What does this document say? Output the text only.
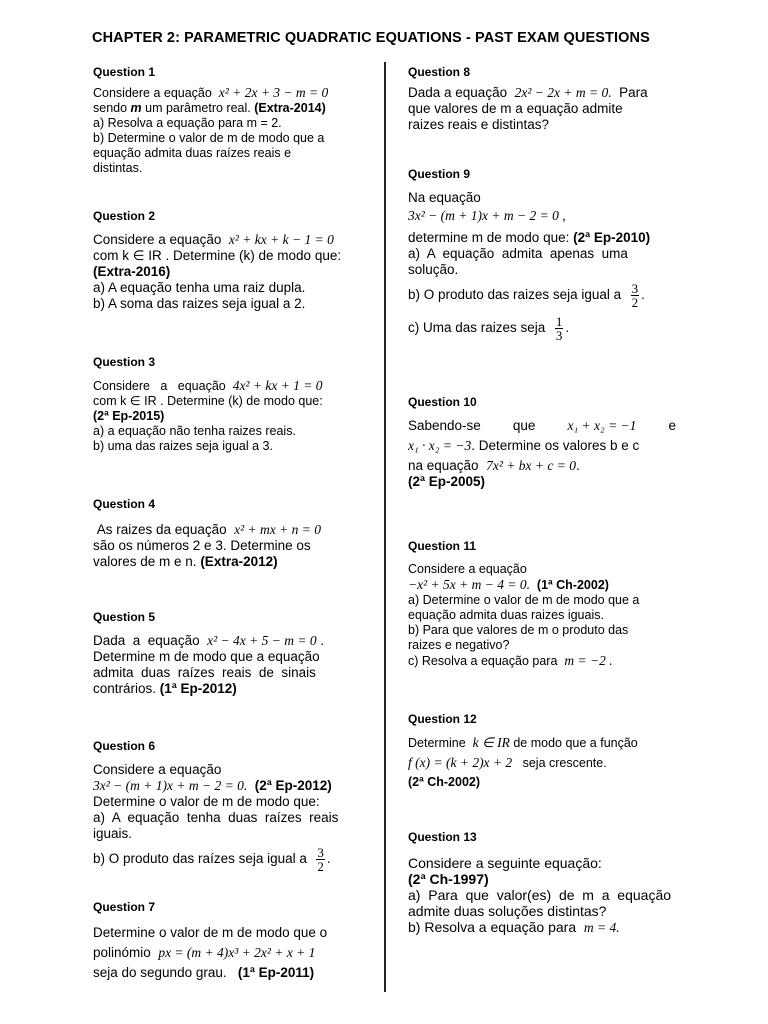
CHAPTER 2: PARAMETRIC QUADRATIC EQUATIONS - PAST EXAM QUESTIONS
Question 1

Considere a equação x² + 2x + 3 − m = 0

sendo m um parâmetro real. (Extra-2014)

a) Resolva a equação para m = 2.

b) Determine o valor de m de modo que a

equação admita duas raízes reais e

distintas.

Question 2

Considere a equação x² + kx + k − 1 = 0

com k ∈ IR . Determine (k) de modo que:

(Extra-2016)

a) A equação tenha uma raiz dupla.

b) A soma das raizes seja igual a 2.

Question 3

Considere   a   equação 4x² + kx + 1 = 0

com k ∈ IR . Determine (k) de modo que:

(2ª Ep-2015)

a) a equação não tenha raizes reais.

b) uma das raizes seja igual a 3.

Question 4

As raizes da equação x² + mx + n = 0

são os números 2 e 3. Determine os

valores de m e n. (Extra-2012)

Question 5

Dada  a  equação x² − 4x + 5 − m = 0 .

Determine m de modo que a equação

admita  duas  raízes  reais  de  sinais

contrários. (1ª Ep-2012)

Question 6

Considere a equação

3x² − (m + 1)x + m − 2 = 0. (2ª Ep-2012)

Determine o valor de m de modo que:

a)  A  equação  tenha  duas  raízes  reais

iguais.

b) O produto das raízes seja igual a $\frac{3}{2}$ .

Question 7

Determine o valor de m de modo que o

polinómio px = (m + 4)x³ + 2x² + x + 1

seja do segundo grau. (1ª Ep-2011)

Question 8

Dada a equação 2x² − 2x + m = 0. Para

que valores de m a equação admite

raizes reais e distintas?

Question 9

Na equação

3x² − (m + 1)x + m − 2 = 0 ,

determine m de modo que: (2ª Ep-2010)

a)  A  equação  admita  apenas  uma

solução.

b) O produto das raizes seja igual a $\frac{3}{2}$ .

c) Uma das raizes seja $\frac{1}{3}$ .

Question 10

Sabendo-se que x₁ + x₂ = −1 e

x₁ · x₂ = −3. Determine os valores b e c

na equação 7x² + bx + c = 0.

(2ª Ep-2005)

Question 11

Considere a equação

−x² + 5x + m − 4 = 0. (1ª Ch-2002)

a) Determine o valor de m de modo que a

equação admita duas raizes iguais.

b) Para que valores de m o produto das

raizes e negativo?

c) Resolva a equação para m = −2 .

Question 12

Determine k ∈ IR de modo que a função

f (x) = (k + 2)x + 2 seja crescente.

(2ª Ch-2002)

Question 13

Considere a seguinte equação:

(2ª Ch-1997)

a)  Para  que  valor(es)  de  m  a  equação

admite duas soluções distintas?

b) Resolva a equação para m = 4.
